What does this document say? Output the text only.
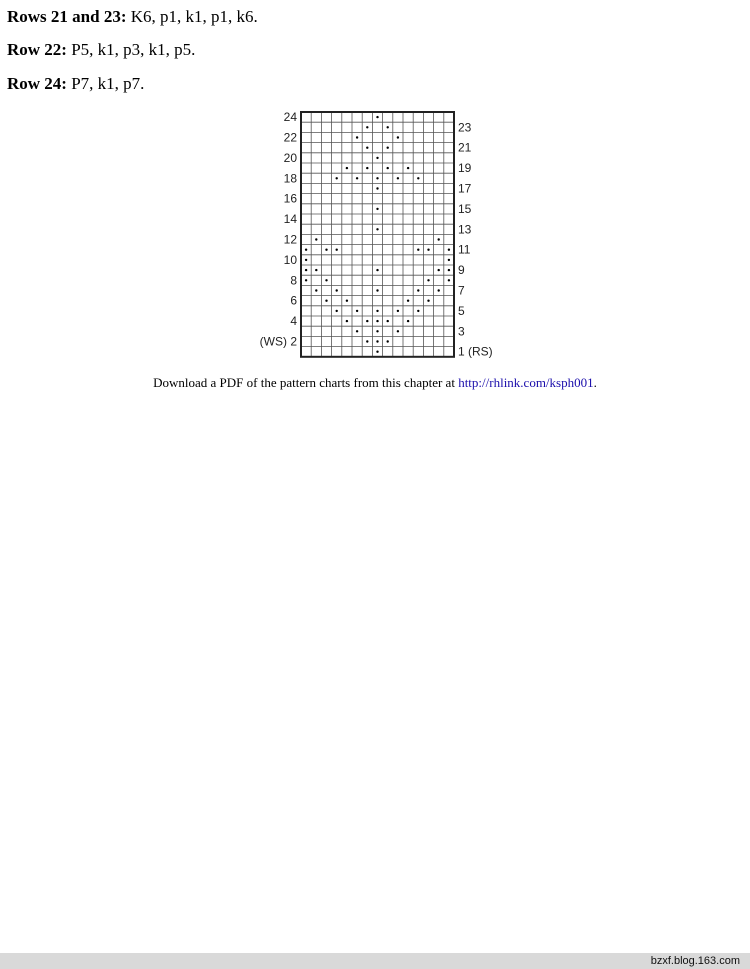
Rows 21 and 23: K6, p1, k1, p1, k6.
Row 22: P5, k1, p3, k1, p5.
Row 24: P7, k1, p7.
24
22
20
18
16
14
12
10
8
6
4
(WS) 2
23
21
19
17
15
13
11
9
7
5
3
1 (RS)
Download a PDF of the pattern charts from this chapter at http://rhlink.com/ksph001.
bzxf.blog.163.com
